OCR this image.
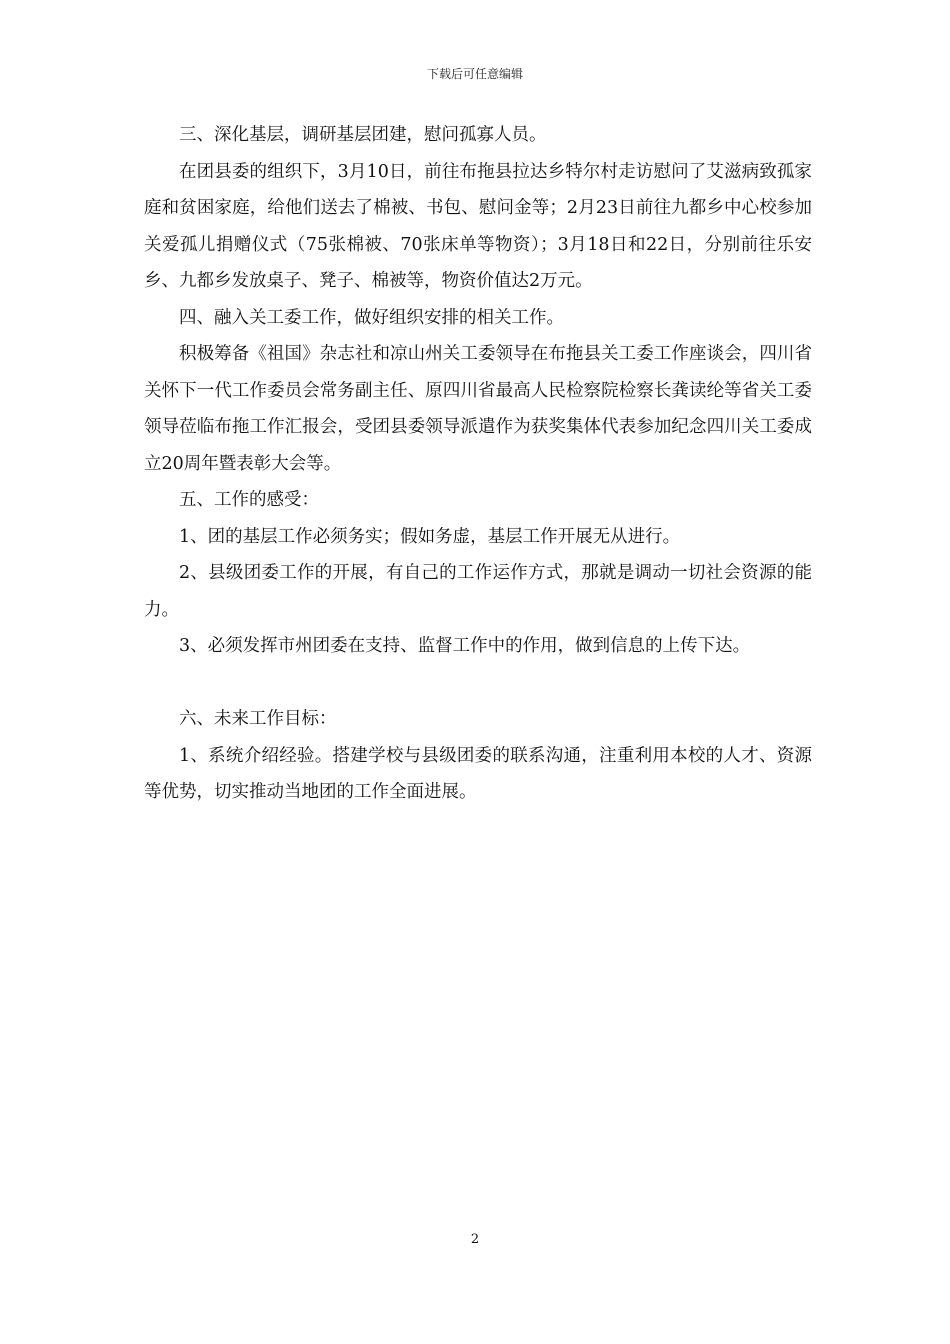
下载后可任意编辑

三、深化基层，调研基层团建，慰问孤寡人员。

在团县委的组织下，3月10日，前往布拖县拉达乡特尔村走访慰问了艾滋病致孤家庭和贫困家庭，给他们送去了棉被、书包、慰问金等；2月23日前往九都乡中心校参加关爱孤儿捐赠仪式（75张棉被、70张床单等物资）；3月18日和22日，分别前往乐安乡、九都乡发放桌子、凳子、棉被等，物资价值达2万元。

四、融入关工委工作，做好组织安排的相关工作。

积极筹备《祖国》杂志社和凉山州关工委领导在布拖县关工委工作座谈会，四川省关怀下一代工作委员会常务副主任、原四川省最高人民检察院检察长龚读纶等省关工委领导莅临布拖工作汇报会，受团县委领导派遣作为获奖集体代表参加纪念四川关工委成立20周年暨表彰大会等。

五、工作的感受：

1、团的基层工作必须务实；假如务虚，基层工作开展无从进行。

2、县级团委工作的开展，有自己的工作运作方式，那就是调动一切社会资源的能力。

3、必须发挥市州团委在支持、监督工作中的作用，做到信息的上传下达。

六、未来工作目标：

1、系统介绍经验。搭建学校与县级团委的联系沟通，注重利用本校的人才、资源等优势，切实推动当地团的工作全面进展。

2
